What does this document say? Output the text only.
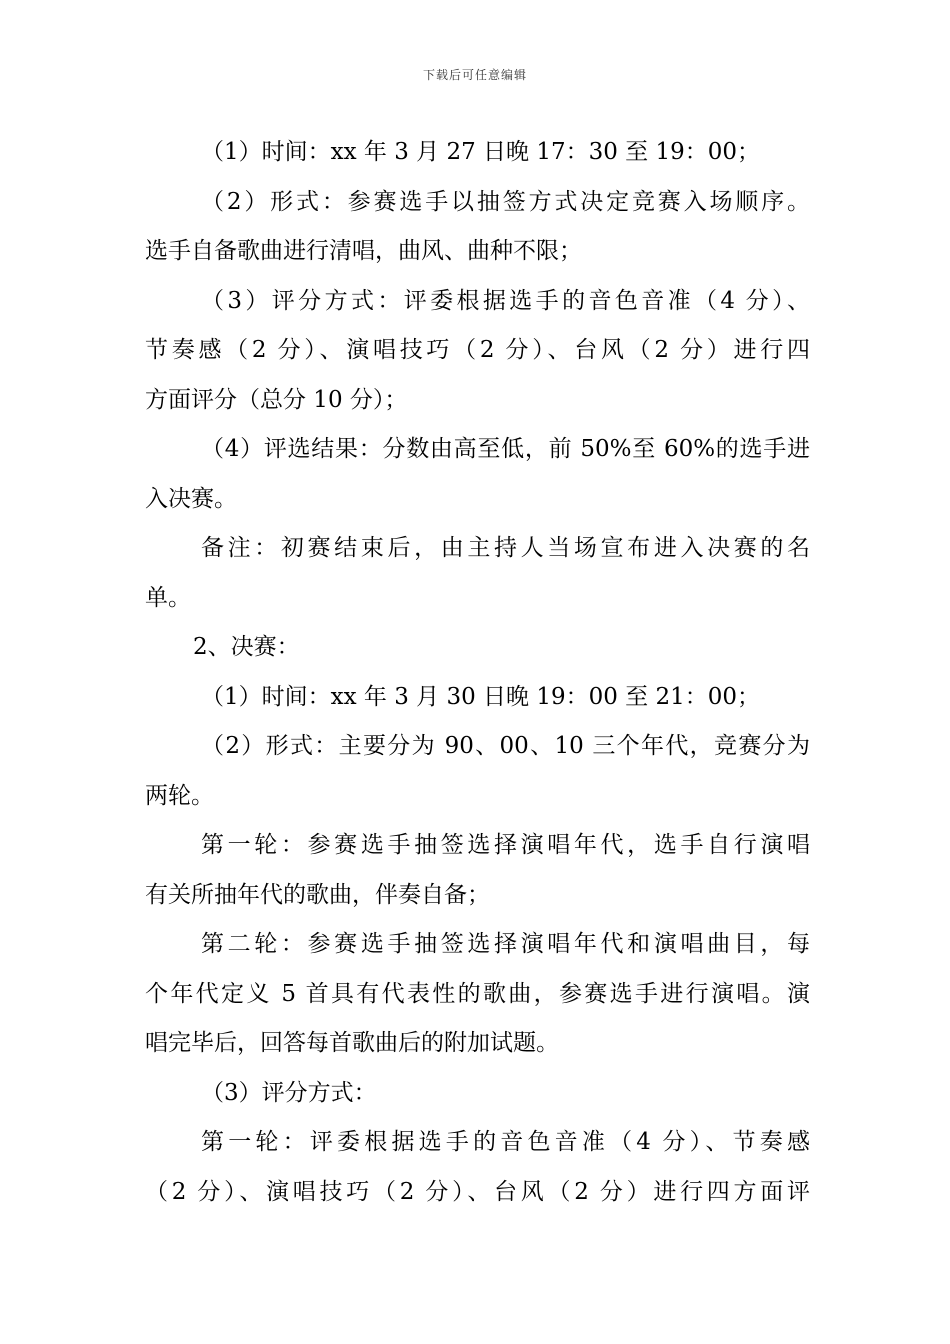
下载后可任意编辑
（1）时间：xx 年 3 月 27 日晚 17：30 至 19：00；
（2）形式：参赛选手以抽签方式决定竞赛入场顺序。
选手自备歌曲进行清唱，曲风、曲种不限；
（3）评分方式：评委根据选手的音色音准（4 分）、
节奏感（2 分）、演唱技巧（2 分）、台风（2 分）进行四
方面评分（总分 10 分）；
（4）评选结果：分数由高至低，前 50%至 60%的选手进
入决赛。
备注：初赛结束后，由主持人当场宣布进入决赛的名
单。
2、决赛：
（1）时间：xx 年 3 月 30 日晚 19：00 至 21：00；
（2）形式：主要分为 90、00、10 三个年代，竞赛分为
两轮。
第一轮：参赛选手抽签选择演唱年代，选手自行演唱
有关所抽年代的歌曲，伴奏自备；
第二轮：参赛选手抽签选择演唱年代和演唱曲目，每
个年代定义 5 首具有代表性的歌曲，参赛选手进行演唱。演
唱完毕后，回答每首歌曲后的附加试题。
（3）评分方式：
第一轮：评委根据选手的音色音准（4 分）、节奏感
（2 分）、演唱技巧（2 分）、台风（2 分）进行四方面评
